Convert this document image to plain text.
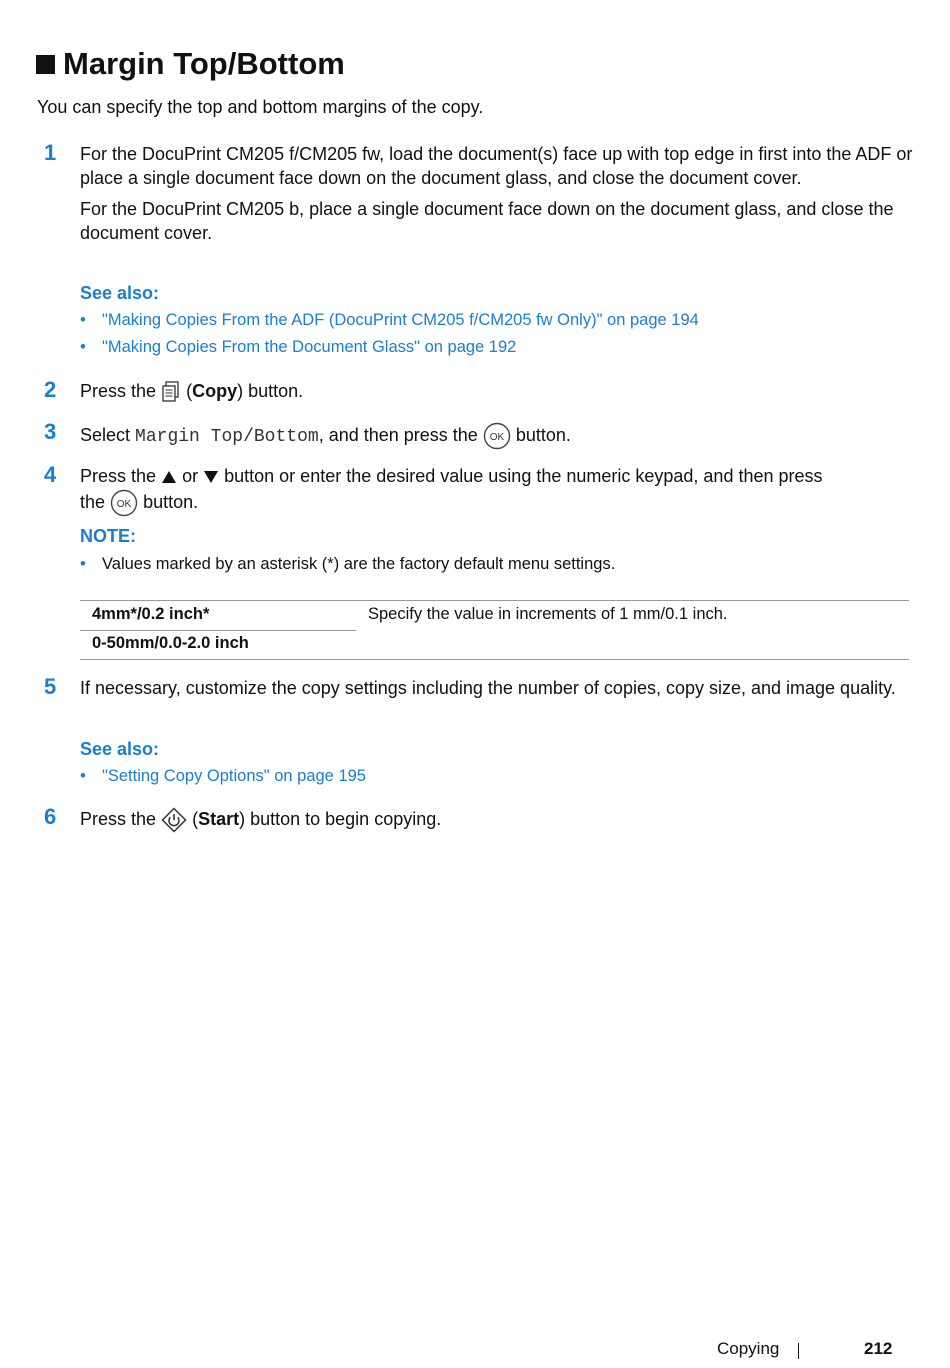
Margin Top/Bottom
You can specify the top and bottom margins of the copy.
1 For the DocuPrint CM205 f/CM205 fw, load the document(s) face up with top edge in first into the ADF or place a single document face down on the document glass, and close the document cover.

For the DocuPrint CM205 b, place a single document face down on the document glass, and close the document cover.

See also:
• "Making Copies From the ADF (DocuPrint CM205 f/CM205 fw Only)" on page 194
• "Making Copies From the Document Glass" on page 192
2 Press the (Copy) button.
3 Select Margin Top/Bottom, and then press the OK button.
4 Press the or button or enter the desired value using the numeric keypad, and then press
the OK button.
NOTE:
• Values marked by an asterisk (*) are the factory default menu settings.
4mm*/0.2 inch*
0-50mm/0.0-2.0 inch
Specify the value in increments of 1 mm/0.1 inch.
5 If necessary, customize the copy settings including the number of copies, copy size, and image quality.

See also:
• "Setting Copy Options" on page 195
6 Press the (Start) button to begin copying.
Copying	212
